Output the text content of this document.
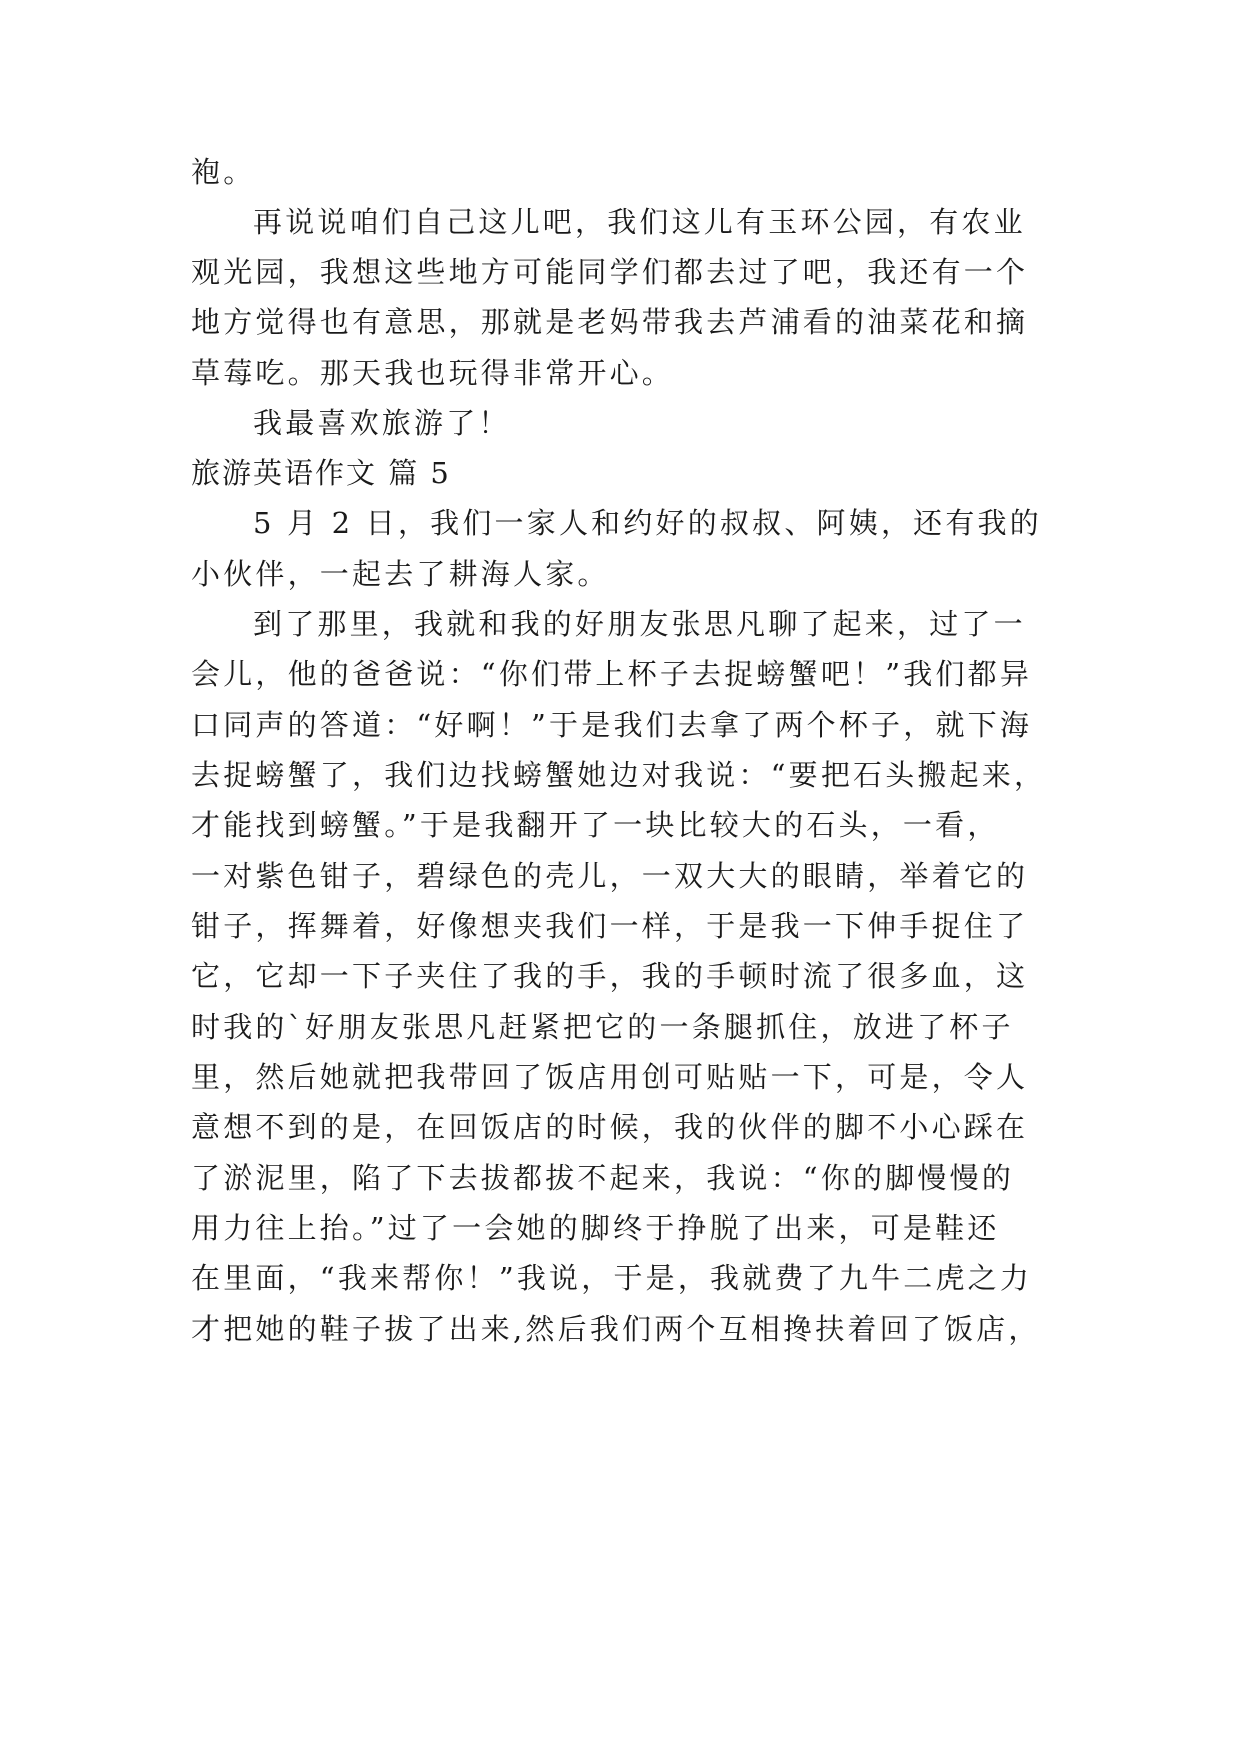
袍。
再说说咱们自己这儿吧，我们这儿有玉环公园，有农业
观光园，我想这些地方可能同学们都去过了吧，我还有一个
地方觉得也有意思，那就是老妈带我去芦浦看的油菜花和摘
草莓吃。那天我也玩得非常开心。
我最喜欢旅游了！
旅游英语作文 篇 5
5 月 2 日，我们一家人和约好的叔叔、阿姨，还有我的
小伙伴，一起去了耕海人家。
到了那里，我就和我的好朋友张思凡聊了起来，过了一
会儿，他的爸爸说：“你们带上杯子去捉螃蟹吧！”我们都异
口同声的答道：“好啊！”于是我们去拿了两个杯子，就下海
去捉螃蟹了，我们边找螃蟹她边对我说：“要把石头搬起来，
才能找到螃蟹。”于是我翻开了一块比较大的石头，一看，
一对紫色钳子，碧绿色的壳儿，一双大大的眼睛，举着它的
钳子，挥舞着，好像想夹我们一样，于是我一下伸手捉住了
它，它却一下子夹住了我的手，我的手顿时流了很多血，这
时我的`好朋友张思凡赶紧把它的一条腿抓住，放进了杯子
里，然后她就把我带回了饭店用创可贴贴一下，可是，令人
意想不到的是，在回饭店的时候，我的伙伴的脚不小心踩在
了淤泥里，陷了下去拔都拔不起来，我说：“你的脚慢慢的
用力往上抬。”过了一会她的脚终于挣脱了出来，可是鞋还
在里面，“我来帮你！”我说，于是，我就费了九牛二虎之力
才把她的鞋子拔了出来,然后我们两个互相搀扶着回了饭店，
